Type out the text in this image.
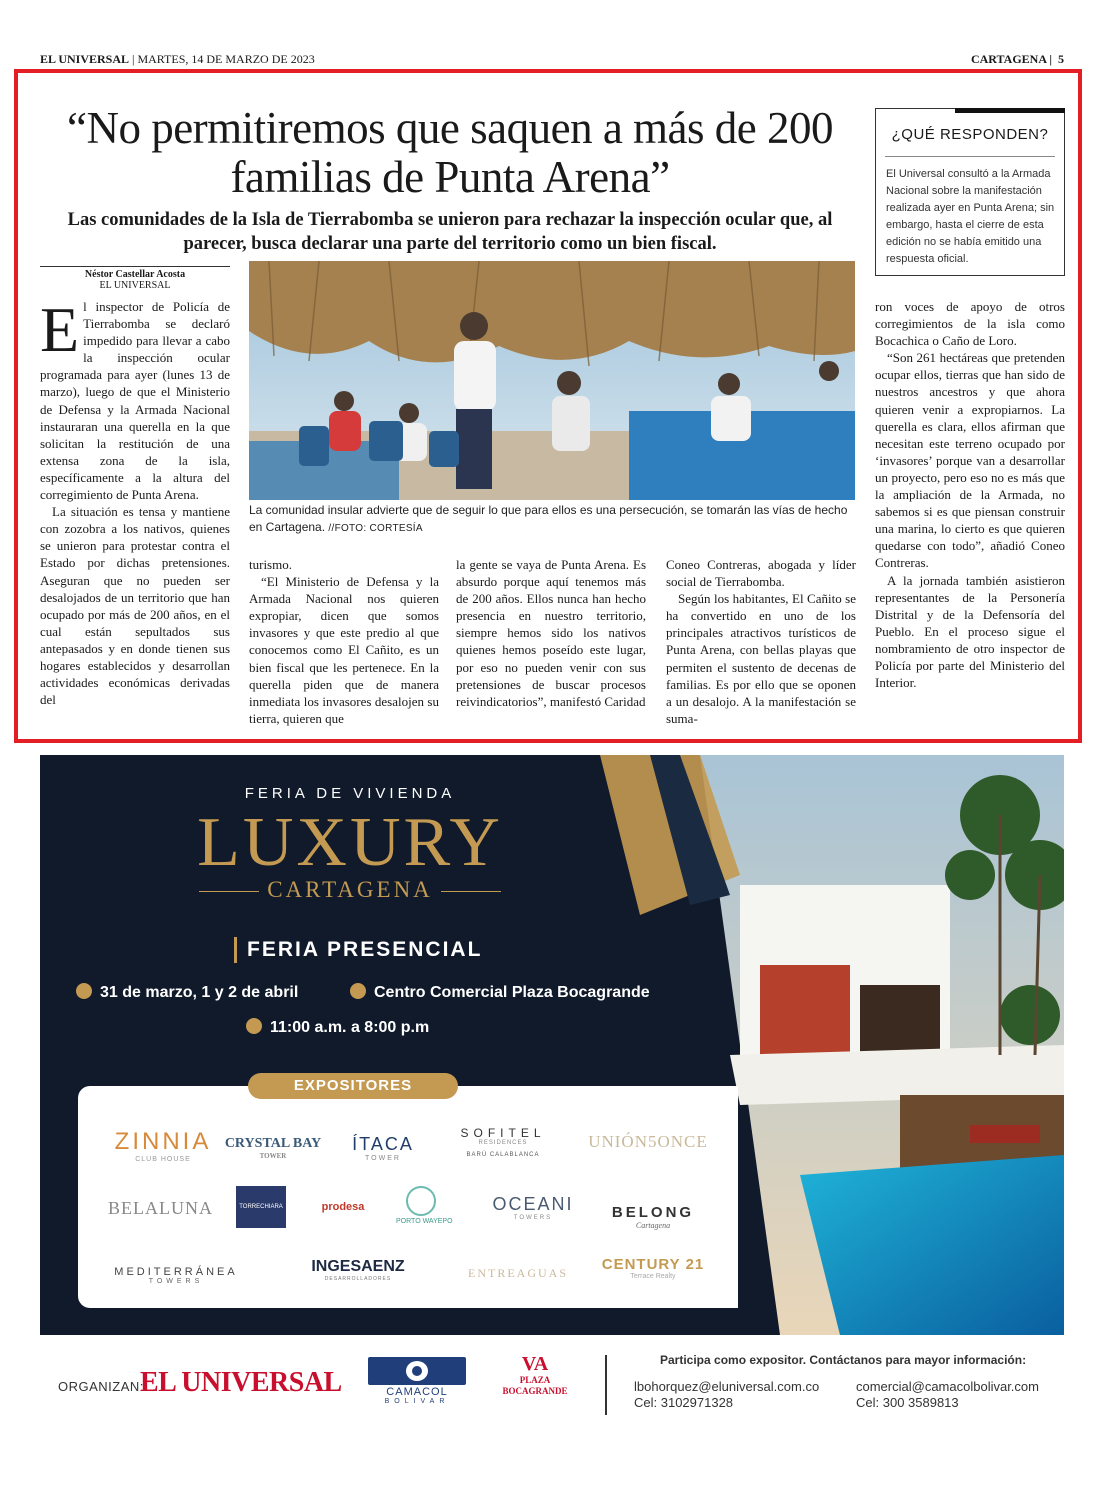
EL UNIVERSAL | MARTES, 14 DE MARZO DE 2023	CARTAGENA |  5
“No permitiremos que saquen a más de 200 familias de Punta Arena”
Las comunidades de la Isla de Tierrabomba se unieron para rechazar la inspección ocular que, al parecer, busca declarar una parte del territorio como un bien fiscal.
¿QUÉ RESPONDEN?
El Universal consultó a la Armada Nacional sobre la manifestación realizada ayer en Punta Arena; sin embargo, hasta el cierre de esta edición no se había emitido una respuesta oficial.
Néstor Castellar Acosta
EL UNIVERSAL

El inspector de Policía de Tierrabomba se declaró impedido para llevar a cabo la inspección ocular programada para ayer (lunes 13 de marzo), luego de que el Ministerio de Defensa y la Armada Nacional instauraran una querella en la que solicitan la restitución de una extensa zona de la isla, específicamente a la altura del corregimiento de Punta Arena.

La situación es tensa y mantiene con zozobra a los nativos, quienes se unieron para protestar contra el Estado por dichas pretensiones. Aseguran que no pueden ser desalojados de un territorio que han ocupado por más de 200 años, en el cual están sepultados sus antepasados y en donde tienen sus hogares establecidos y desarrollan actividades económicas derivadas del

La comunidad insular advierte que de seguir lo que para ellos es una persecución, se tomarán las vías de hecho en Cartagena. //FOTO: CORTESÍA

turismo.

“El Ministerio de Defensa y la Armada Nacional nos quieren expropiar, dicen que somos invasores y que este predio al que conocemos como El Cañito, es un bien fiscal que les pertenece. En la querella piden que de manera inmediata los invasores desalojen su tierra, quieren que

la gente se vaya de Punta Arena. Es absurdo porque aquí tenemos más de 200 años. Ellos nunca han hecho presencia en nuestro territorio, siempre hemos sido los nativos quienes hemos poseído este lugar, por eso no pueden venir con sus pretensiones de buscar procesos reivindicatorios”, manifestó Caridad

Coneo Contreras, abogada y líder social de Tierrabomba.

Según los habitantes, El Cañito se ha convertido en uno de los principales atractivos turísticos de Punta Arena, con bellas playas que permiten el sustento de decenas de familias. Es por ello que se oponen a un desalojo. A la manifestación se suma-

ron voces de apoyo de otros corregimientos de la isla como Bocachica o Caño de Loro.

“Son 261 hectáreas que pretenden ocupar ellos, tierras que han sido de nuestros ancestros y que ahora quieren venir a expropiarnos. La querella es clara, ellos afirman que necesitan este terreno ocupado por ‘invasores’ porque van a desarrollar un proyecto, pero eso no es más que la ampliación de la Armada, no sabemos si es que piensan construir una marina, lo cierto es que quieren quedarse con todo”, añadió Coneo Contreras.

A la jornada también asistieron representantes de la Personería Distrital y de la Defensoría del Pueblo. En el proceso sigue el nombramiento de otro inspector de Policía por parte del Ministerio del Interior.

FERIA DE VIVIENDA
LUXURY
CARTAGENA
FERIA PRESENCIAL
31 de marzo, 1 y 2 de abril	Centro Comercial Plaza Bocagrande
11:00 a.m. a 8:00 p.m
ZINNIA
CLUB HOUSE
CRYSTAL BAY
TOWER
ÍTACA
TOWER
SOFITEL
RESIDENCES
BARÚ CALABLANCA
UNIÓN5ONCE
BELALUNA	TORRECHIARA	prodesa
PORTO WAYEPO
OCEANI
TOWERS	BELONG
Cartagena
MEDITERRÁNEA
TOWERS
INGESAENZ
DESARROLLADORES	ENTREAGUAS	CENTURY 21
Terrace Realty
EXPOSITORES
ORGANIZAN:
EL UNIVERSAL	CAMACOL
BOLIVAR
VA
PLAZA BOCAGRANDE
Participa como expositor. Contáctanos para mayor información:
lbohorquez@eluniversal.com.co
Cel: 3102971328
comercial@camacolbolivar.com
Cel: 300 3589813
